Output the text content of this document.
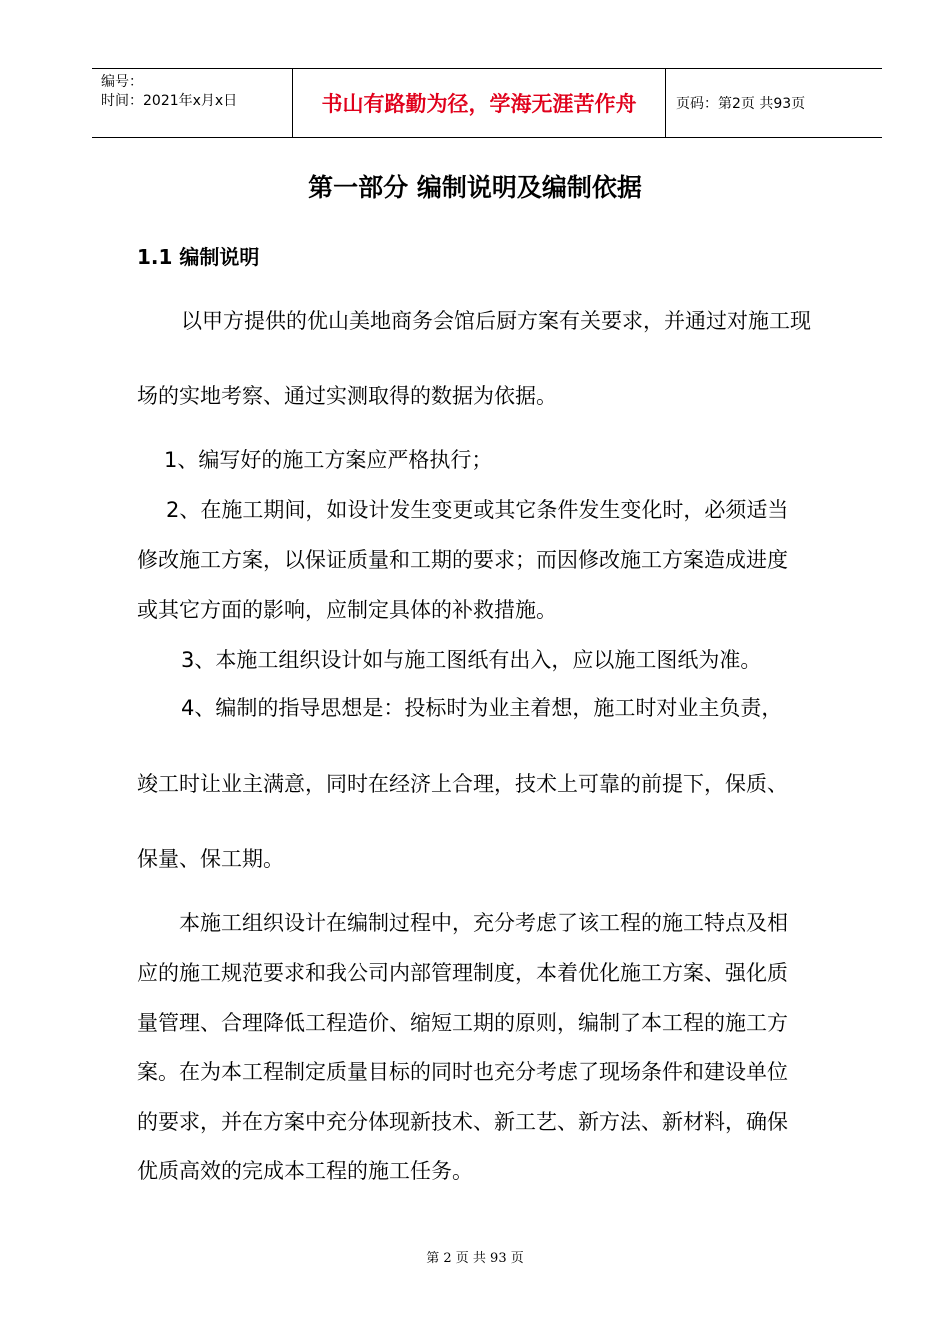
编号：
时间：2021年x月x日	书山有路勤为径，学海无涯苦作舟	页码：第2页 共93页
第一部分 编制说明及编制依据
1.1 编制说明

以甲方提供的优山美地商务会馆后厨方案有关要求，并通过对施工现

场的实地考察、通过实测取得的数据为依据。

1、编写好的施工方案应严格执行；

2、在施工期间，如设计发生变更或其它条件发生变化时，必须适当

修改施工方案，以保证质量和工期的要求；而因修改施工方案造成进度

或其它方面的影响，应制定具体的补救措施。

3、本施工组织设计如与施工图纸有出入，应以施工图纸为准。

4、编制的指导思想是：投标时为业主着想，施工时对业主负责，

竣工时让业主满意，同时在经济上合理，技术上可靠的前提下，保质、

保量、保工期。

本施工组织设计在编制过程中，充分考虑了该工程的施工特点及相

应的施工规范要求和我公司内部管理制度，本着优化施工方案、强化质

量管理、合理降低工程造价、缩短工期的原则，编制了本工程的施工方

案。在为本工程制定质量目标的同时也充分考虑了现场条件和建设单位

的要求，并在方案中充分体现新技术、新工艺、新方法、新材料，确保

优质高效的完成本工程的施工任务。

第 2 页 共 93 页
